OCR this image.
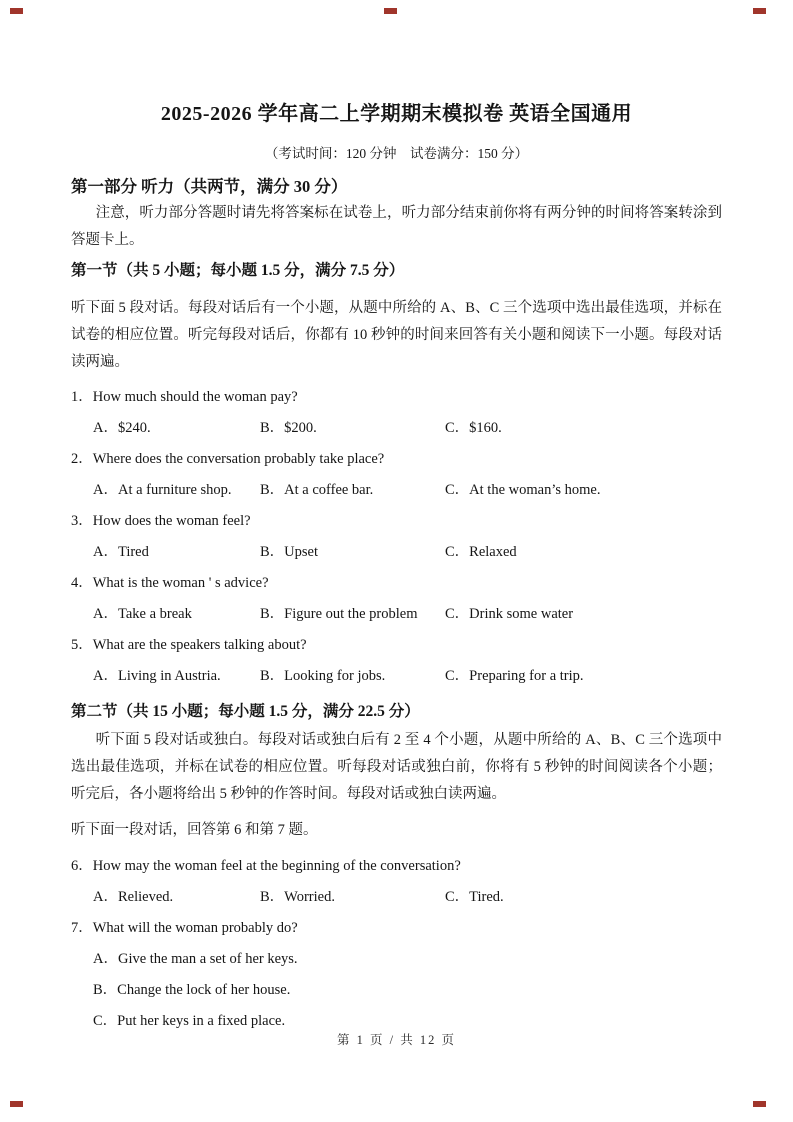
2025-2026 学年高二上学期期末模拟卷 英语全国通用
（考试时间：120 分钟　试卷满分：150 分）
第一部分 听力（共两节，满分 30 分）

注意，听力部分答题时请先将答案标在试卷上，听力部分结束前你将有两分钟的时间将答案转涂到答题卡上。

第一节（共 5 小题；每小题 1.5 分，满分 7.5 分）

听下面 5 段对话。每段对话后有一个小题，从题中所给的 A、B、C 三个选项中选出最佳选项，并标在试卷的相应位置。听完每段对话后，你都有 10 秒钟的时间来回答有关小题和阅读下一小题。每段对话读两遍。

1．How much should the woman pay?
A．$240.	B．$200.	C．$160.
2．Where does the conversation probably take place?
A．At a furniture shop.	B．At a coffee bar.	C．At the woman’s home.
3．How does the woman feel?
A．Tired	B．Upset	C．Relaxed
4．What is the woman ' s advice?
A．Take a break	B．Figure out the problem	C．Drink some water
5．What are the speakers talking about?
A．Living in Austria.	B．Looking for jobs.	C．Preparing for a trip.
第二节（共 15 小题；每小题 1.5 分，满分 22.5 分）

听下面 5 段对话或独白。每段对话或独白后有 2 至 4 个小题，从题中所给的 A、B、C 三个选项中选出最佳选项，并标在试卷的相应位置。听每段对话或独白前，你将有 5 秒钟的时间阅读各个小题；听完后，各小题将给出 5 秒钟的作答时间。每段对话或独白读两遍。

听下面一段对话，回答第 6 和第 7 题。
6．How may the woman feel at the beginning of the conversation?
A．Relieved.	B．Worried.	C．Tired.
7．What will the woman probably do?
A．Give the man a set of her keys.
B．Change the lock of her house.
C．Put her keys in a fixed place.
第 1 页 / 共 12 页
